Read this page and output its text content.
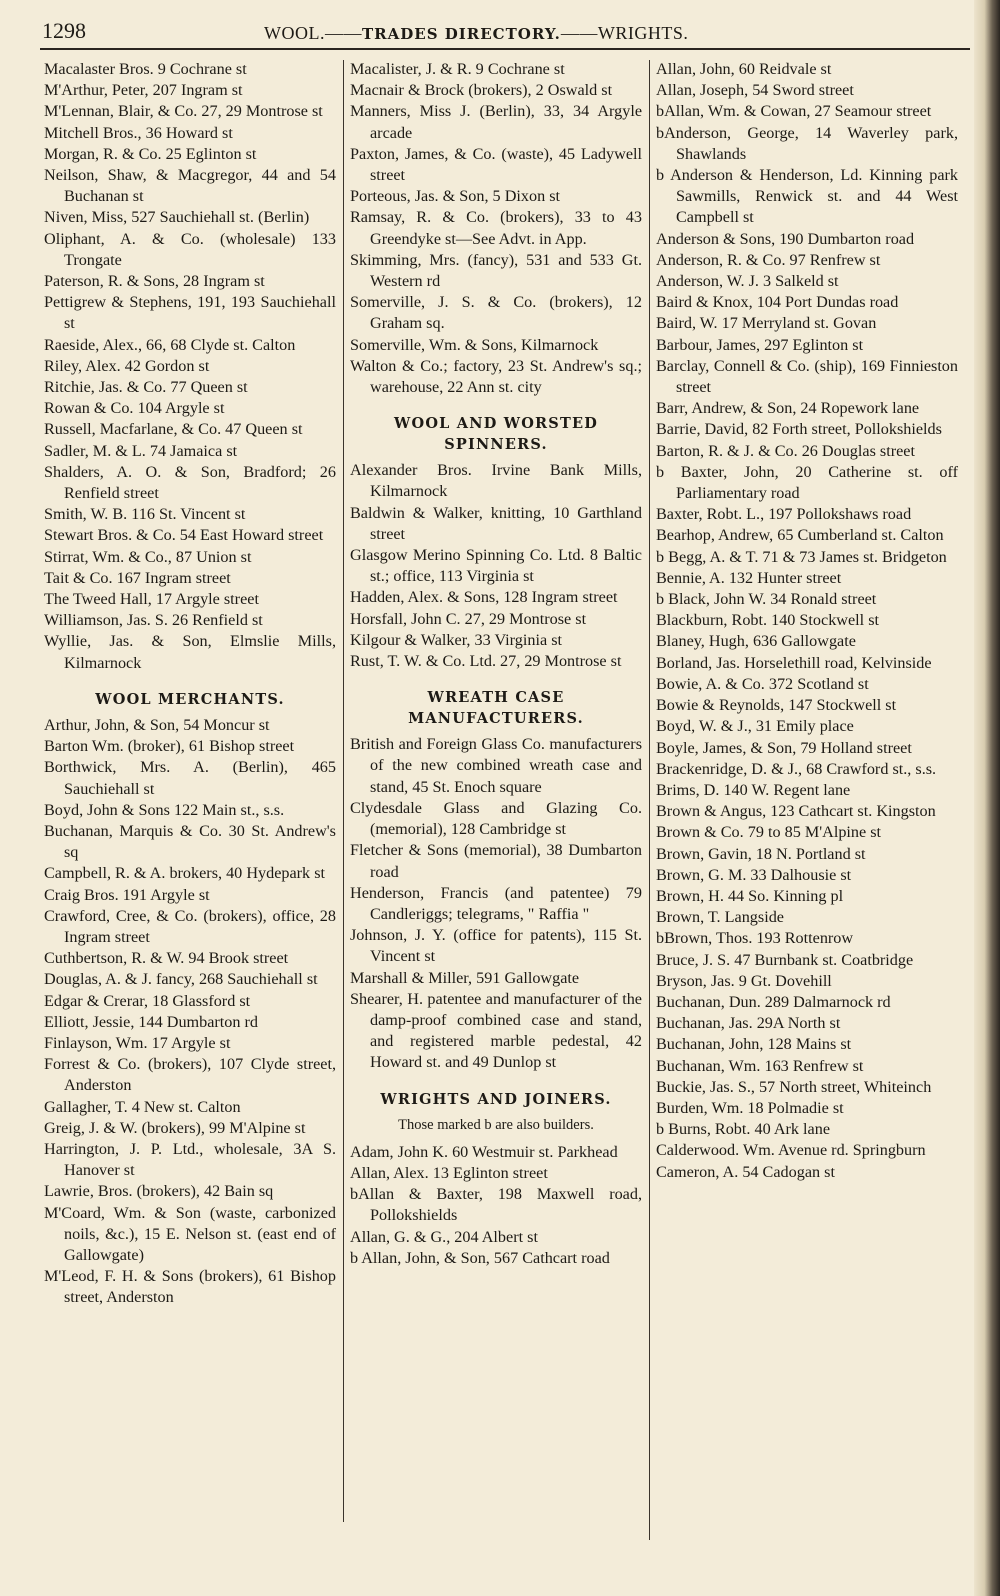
1298	WOOL.——TRADES DIRECTORY.——WRIGHTS.
Macalaster Bros. 9 Cochrane st
M'Arthur, Peter, 207 Ingram st
M'Lennan, Blair, & Co. 27, 29 Montrose st
Mitchell Bros., 36 Howard st
Morgan, R. & Co. 25 Eglinton st
Neilson, Shaw, & Macgregor, 44 and 54 Buchanan st
Niven, Miss, 527 Sauchiehall st. (Berlin)
Oliphant, A. & Co. (wholesale) 133 Trongate
Paterson, R. & Sons, 28 Ingram st
Pettigrew & Stephens, 191, 193 Sauchiehall st
Raeside, Alex., 66, 68 Clyde st. Calton
Riley, Alex. 42 Gordon st
Ritchie, Jas. & Co. 77 Queen st
Rowan & Co. 104 Argyle st
Russell, Macfarlane, & Co. 47 Queen st
Sadler, M. & L. 74 Jamaica st
Shalders, A. O. & Son, Bradford; 26 Renfield street
Smith, W. B. 116 St. Vincent st
Stewart Bros. & Co. 54 East Howard street
Stirrat, Wm. & Co., 87 Union st
Tait & Co. 167 Ingram street
The Tweed Hall, 17 Argyle street
Williamson, Jas. S. 26 Renfield st
Wyllie, Jas. & Son, Elmslie Mills, Kilmarnock
WOOL MERCHANTS.
Arthur, John, & Son, 54 Moncur st
Barton Wm. (broker), 61 Bishop street
Borthwick, Mrs. A. (Berlin), 465 Sauchiehall st
Boyd, John & Sons 122 Main st., s.s.
Buchanan, Marquis & Co. 30 St. Andrew's sq
Campbell, R. & A. brokers, 40 Hydepark st
Craig Bros. 191 Argyle st
Crawford, Cree, & Co. (brokers), office, 28 Ingram street
Cuthbertson, R. & W. 94 Brook street
Douglas, A. & J. fancy, 268 Sauchiehall st
Edgar & Crerar, 18 Glassford st
Elliott, Jessie, 144 Dumbarton rd
Finlayson, Wm. 17 Argyle st
Forrest & Co. (brokers), 107 Clyde street, Anderston
Gallagher, T. 4 New st. Calton
Greig, J. & W. (brokers), 99 M'Alpine st
Harrington, J. P. Ltd., wholesale, 3A S. Hanover st
Lawrie, Bros. (brokers), 42 Bain sq
M'Coard, Wm. & Son (waste, carbonized noils, &c.), 15 E. Nelson st. (east end of Gallowgate)
M'Leod, F. H. & Sons (brokers), 61 Bishop street, Anderston
Macalister, J. & R. 9 Cochrane st
Macnair & Brock (brokers), 2 Oswald st
Manners, Miss J. (Berlin), 33, 34 Argyle arcade
Paxton, James, & Co. (waste), 45 Ladywell street
Porteous, Jas. & Son, 5 Dixon st
Ramsay, R. & Co. (brokers), 33 to 43 Greendyke st—See Advt. in App.
Skimming, Mrs. (fancy), 531 and 533 Gt. Western rd
Somerville, J. S. & Co. (brokers), 12 Graham sq.
Somerville, Wm. & Sons, Kilmarnock
Walton & Co.; factory, 23 St. Andrew's sq.; warehouse, 22 Ann st. city
WOOL AND WORSTED SPINNERS.
Alexander Bros. Irvine Bank Mills, Kilmarnock
Baldwin & Walker, knitting, 10 Garthland street
Glasgow Merino Spinning Co. Ltd. 8 Baltic st.; office, 113 Virginia st
Hadden, Alex. & Sons, 128 Ingram street
Horsfall, John C. 27, 29 Montrose st
Kilgour & Walker, 33 Virginia st
Rust, T. W. & Co. Ltd. 27, 29 Montrose st
WREATH CASE MANUFACTURERS.
British and Foreign Glass Co. manufacturers of the new combined wreath case and stand, 45 St. Enoch square
Clydesdale Glass and Glazing Co. (memorial), 128 Cambridge st
Fletcher & Sons (memorial), 38 Dumbarton road
Henderson, Francis (and patentee) 79 Candleriggs; telegrams, " Raffia "
Johnson, J. Y. (office for patents), 115 St. Vincent st
Marshall & Miller, 591 Gallowgate
Shearer, H. patentee and manufacturer of the damp-proof combined case and stand, and registered marble pedestal, 42 Howard st. and 49 Dunlop st
WRIGHTS AND JOINERS.
Those marked b are also builders.
Adam, John K. 60 Westmuir st. Parkhead
Allan, Alex. 13 Eglinton street
bAllan & Baxter, 198 Maxwell road, Pollokshields
Allan, G. & G., 204 Albert st
b Allan, John, & Son, 567 Cathcart road
Allan, John, 60 Reidvale st
Allan, Joseph, 54 Sword street
bAllan, Wm. & Cowan, 27 Seamour street
bAnderson, George, 14 Waverley park, Shawlands
b Anderson & Henderson, Ld. Kinning park Sawmills, Renwick st. and 44 West Campbell st
Anderson & Sons, 190 Dumbarton road
Anderson, R. & Co. 97 Renfrew st
Anderson, W. J. 3 Salkeld st
Baird & Knox, 104 Port Dundas road
Baird, W. 17 Merryland st. Govan
Barbour, James, 297 Eglinton st
Barclay, Connell & Co. (ship), 169 Finnieston street
Barr, Andrew, & Son, 24 Ropework lane
Barrie, David, 82 Forth street, Pollokshields
Barton, R. & J. & Co. 26 Douglas street
b Baxter, John, 20 Catherine st. off Parliamentary road
Baxter, Robt. L., 197 Pollokshaws road
Bearhop, Andrew, 65 Cumberland st. Calton
b Begg, A. & T. 71 & 73 James st. Bridgeton
Bennie, A. 132 Hunter street
b Black, John W. 34 Ronald street
Blackburn, Robt. 140 Stockwell st
Blaney, Hugh, 636 Gallowgate
Borland, Jas. Horselethill road, Kelvinside
Bowie, A. & Co. 372 Scotland st
Bowie & Reynolds, 147 Stockwell st
Boyd, W. & J., 31 Emily place
Boyle, James, & Son, 79 Holland street
Brackenridge, D. & J., 68 Crawford st., s.s.
Brims, D. 140 W. Regent lane
Brown & Angus, 123 Cathcart st. Kingston
Brown & Co. 79 to 85 M'Alpine st
Brown, Gavin, 18 N. Portland st
Brown, G. M. 33 Dalhousie st
Brown, H. 44 So. Kinning pl
Brown, T. Langside
bBrown, Thos. 193 Rottenrow
Bruce, J. S. 47 Burnbank st. Coatbridge
Bryson, Jas. 9 Gt. Dovehill
Buchanan, Dun. 289 Dalmarnock rd
Buchanan, Jas. 29A North st
Buchanan, John, 128 Mains st
Buchanan, Wm. 163 Renfrew st
Buckie, Jas. S., 57 North street, Whiteinch
Burden, Wm. 18 Polmadie st
b Burns, Robt. 40 Ark lane
Calderwood. Wm. Avenue rd. Springburn
Cameron, A. 54 Cadogan st
